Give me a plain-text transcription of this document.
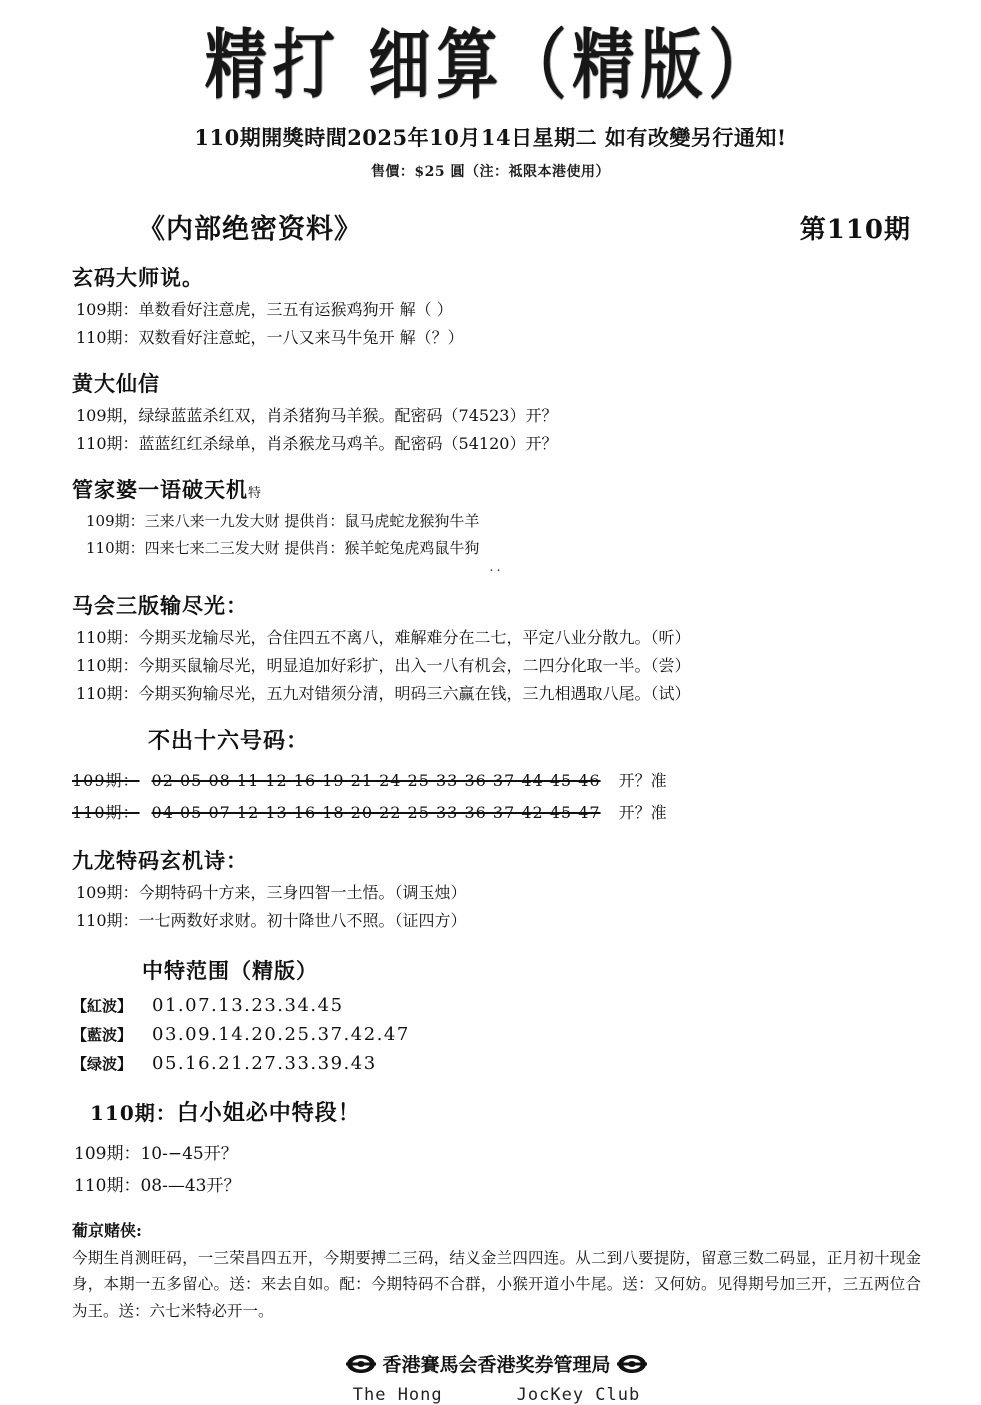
精打 细算（精版）
110期開獎時間2025年10月14日星期二 如有改變另行通知!
售價：$25 圓（注：祗限本港使用）
《内部绝密资料》	第110期
玄码大师说。
109期：单数看好注意虎，三五有运猴鸡狗开 解（ ）
110期：双数看好注意蛇，一八又来马牛兔开 解（？）
黄大仙信
109期，绿绿蓝蓝杀红双，肖杀猪狗马羊猴。配密码（74523）开？
110期：蓝蓝红红杀绿单，肖杀猴龙马鸡羊。配密码（54120）开？
管家婆一语破天机特
109期：三来八来一九发大财 提供肖：鼠马虎蛇龙猴狗牛羊
110期：四来七来二三发大财 提供肖：猴羊蛇兔虎鸡鼠牛狗
··
马会三版输尽光：
110期：今期买龙输尽光，合住四五不离八，难解难分在二七，平定八业分散九。（听）
110期：今期买鼠输尽光，明显追加好彩扩，出入一八有机会，二四分化取一半。（尝）
110期：今期买狗输尽光，五九对错须分清，明码三六赢在钱，三九相遇取八尾。（试）
不出十六号码：
109期： 02 05 08 11 12 16 19 21 24 25 33 36 37 44 45 46	开？准
110期： 04 05 07 12 13 16 18 20 22 25 33 36 37 42 45 47	开？准
九龙特码玄机诗：
109期：今期特码十方来，三身四智一土悟。（调玉烛）
110期：一七两数好求财。初十降世八不照。（证四方）
中特范围（精版）
【紅波】	01.07.13.23.34.45
【藍波】	03.09.14.20.25.37.42.47
【绿波】	05.16.21.27.33.39.43
110期：白小姐必中特段！
109期：10-−45开？
110期：08-—43开？
葡京赌侠:
今期生肖测旺码，一三荣昌四五开，今期要搏二三码，结义金兰四四连。从二到八要提防，留意三数二码显，正月初十现金身，本期一五多留心。送：来去自如。配：今期特码不合群，小猴开道小牛尾。送：又何妨。见得期号加三开，三五两位合为王。送：六七米特必开一。
香港賽馬会香港奖券管理局
The Hong	JocKey Club
